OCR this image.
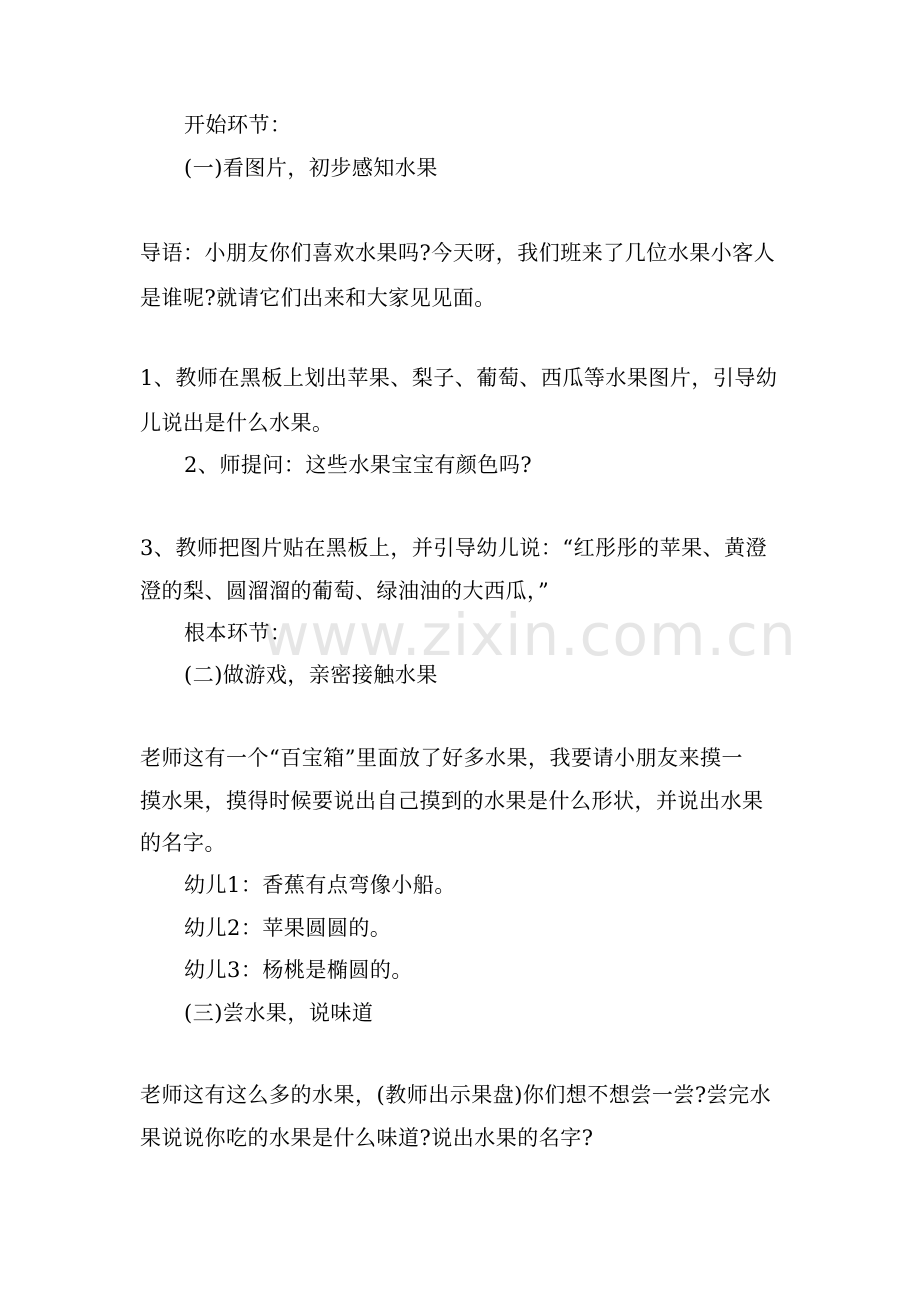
www.zixin.com.cn
开始环节：
(一)看图片，初步感知水果
导语：小朋友你们喜欢水果吗?今天呀，我们班来了几位水果小客人
是谁呢?就请它们出来和大家见见面。
1、教师在黑板上划出苹果、梨子、葡萄、西瓜等水果图片，引导幼
儿说出是什么水果。
2、师提问：这些水果宝宝有颜色吗?
3、教师把图片贴在黑板上，并引导幼儿说：“红彤彤的苹果、黄澄
澄的梨、圆溜溜的葡萄、绿油油的大西瓜，”
根本环节：
(二)做游戏，亲密接触水果
老师这有一个“百宝箱”里面放了好多水果，我要请小朋友来摸一
摸水果，摸得时候要说出自己摸到的水果是什么形状，并说出水果
的名字。
幼儿1：香蕉有点弯像小船。
幼儿2：苹果圆圆的。
幼儿3：杨桃是椭圆的。
(三)尝水果，说味道
老师这有这么多的水果，(教师出示果盘)你们想不想尝一尝?尝完水
果说说你吃的水果是什么味道?说出水果的名字?
